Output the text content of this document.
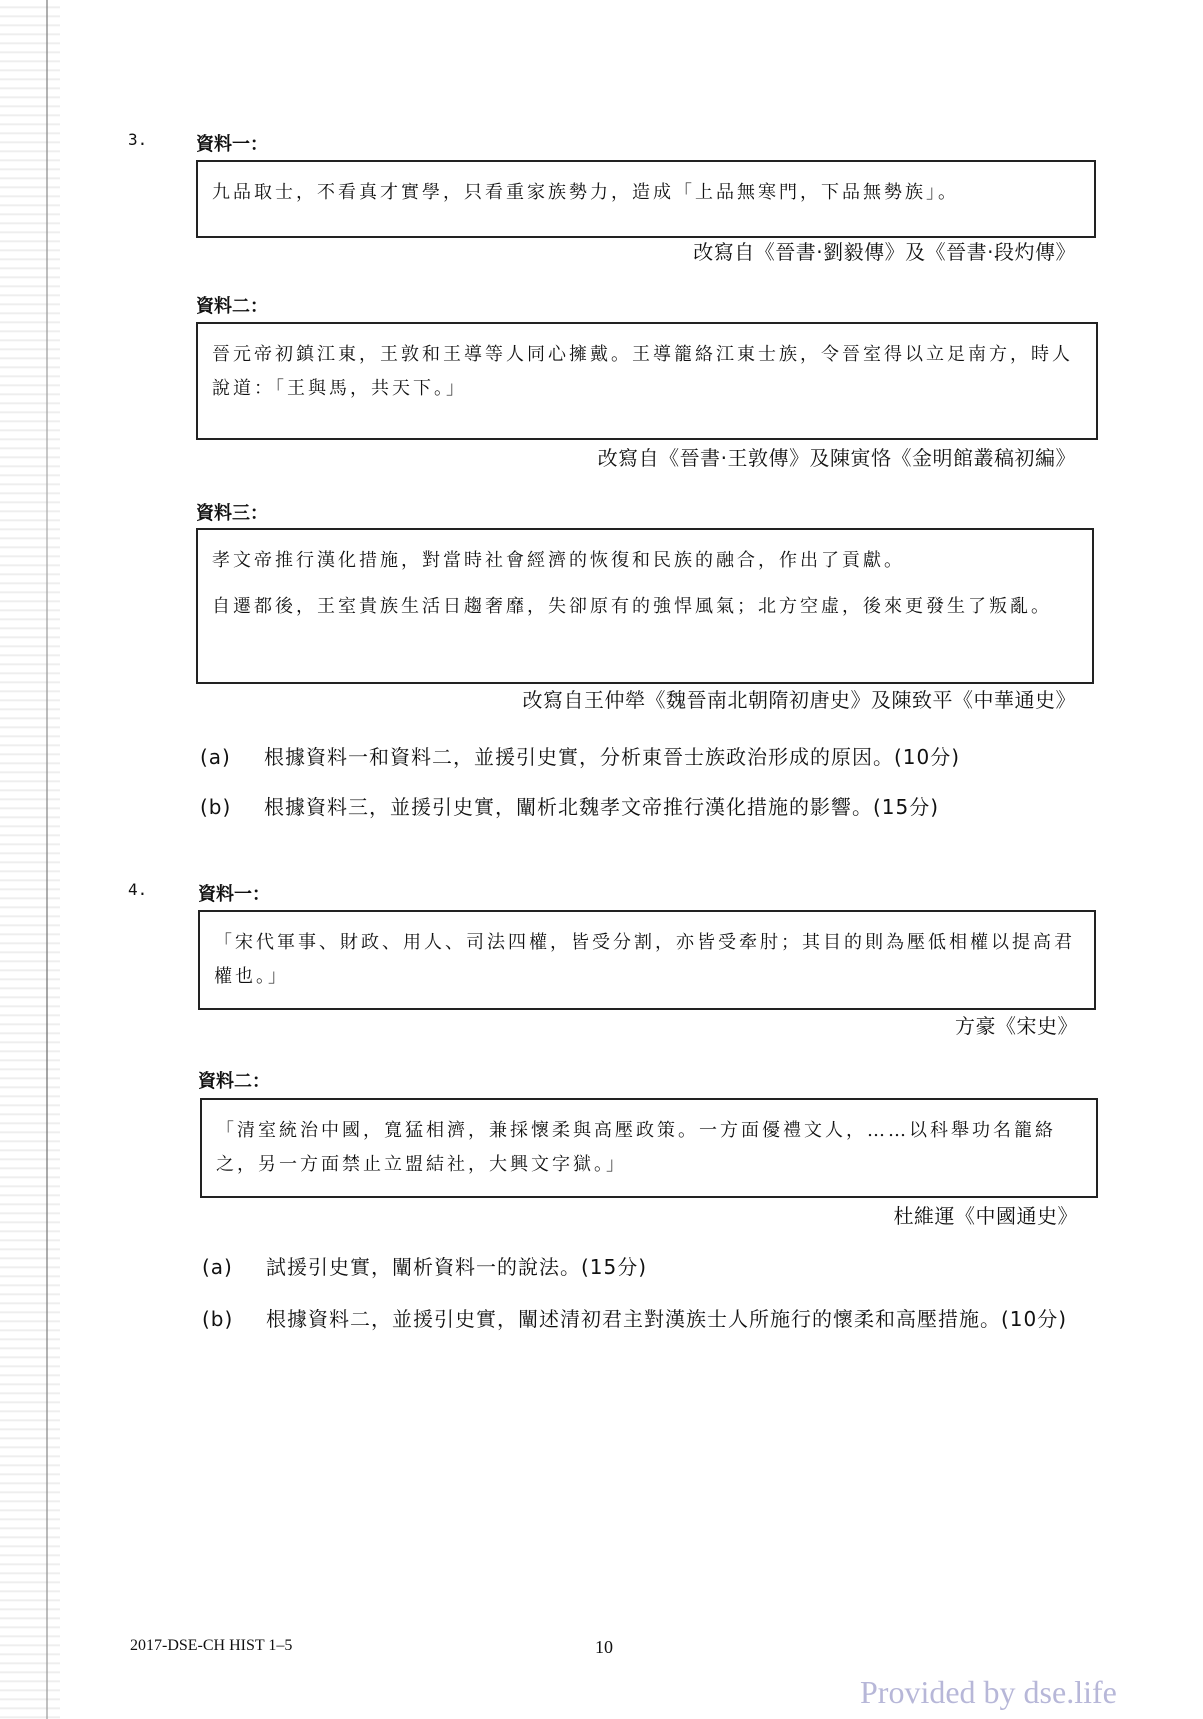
3.	資料一：

九品取士，不看真才實學，只看重家族勢力，造成「上品無寒門，下品無勢族」。

改寫自《晉書‧劉毅傳》及《晉書‧段灼傳》
資料二：

晉元帝初鎮江東，王敦和王導等人同心擁戴。王導籠絡江東士族，令晉室得以立足南方，時人說道：「王與馬，共天下。」

改寫自《晉書‧王敦傳》及陳寅恪《金明館叢稿初編》
資料三：

孝文帝推行漢化措施，對當時社會經濟的恢復和民族的融合，作出了貢獻。

自遷都後，王室貴族生活日趨奢靡，失卻原有的強悍風氣；北方空虛，後來更發生了叛亂。

改寫自王仲犖《魏晉南北朝隋初唐史》及陳致平《中華通史》
(a) 根據資料一和資料二，並援引史實，分析東晉士族政治形成的原因。(10分)
(b) 根據資料三，並援引史實，闡析北魏孝文帝推行漢化措施的影響。(15分)
4.	資料一：

「宋代軍事、財政、用人、司法四權，皆受分割，亦皆受牽肘；其目的則為壓低相權以提高君權也。」

方豪《宋史》
資料二：

「清室統治中國，寬猛相濟，兼採懷柔與高壓政策。一方面優禮文人，……以科舉功名籠絡之，另一方面禁止立盟結社，大興文字獄。」

杜維運《中國通史》
(a) 試援引史實，闡析資料一的說法。(15分)
(b) 根據資料二，並援引史實，闡述清初君主對漢族士人所施行的懷柔和高壓措施。(10分)
2017-DSE-CH HIST 1–5	10
Provided by dse.life
